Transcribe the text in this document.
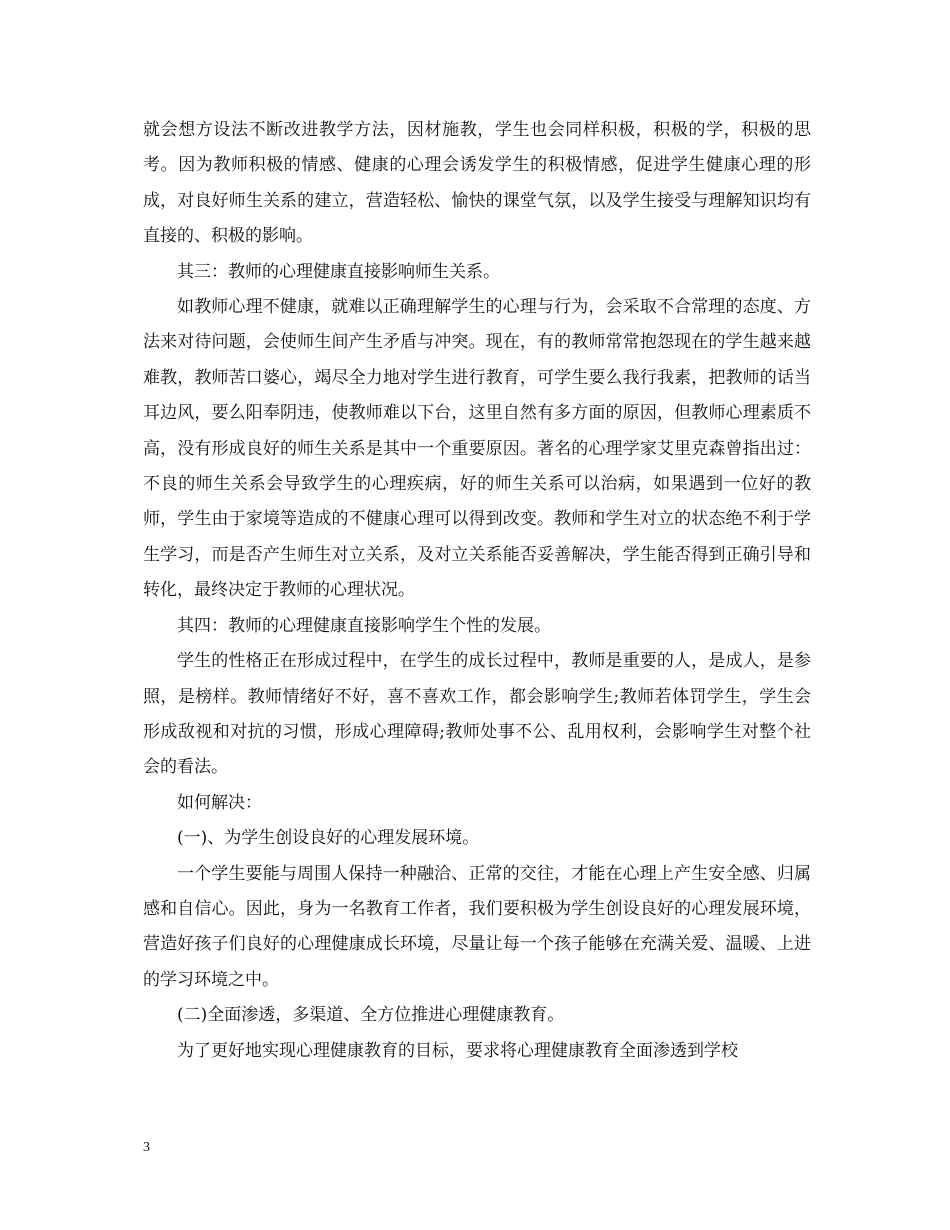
就会想方设法不断改进教学方法，因材施教，学生也会同样积极，积极的学，积极的思考。因为教师积极的情感、健康的心理会诱发学生的积极情感，促进学生健康心理的形成，对良好师生关系的建立，营造轻松、愉快的课堂气氛，以及学生接受与理解知识均有直接的、积极的影响。

其三：教师的心理健康直接影响师生关系。

如教师心理不健康，就难以正确理解学生的心理与行为，会采取不合常理的态度、方法来对待问题，会使师生间产生矛盾与冲突。现在，有的教师常常抱怨现在的学生越来越难教，教师苦口婆心，竭尽全力地对学生进行教育，可学生要么我行我素，把教师的话当耳边风，要么阳奉阴违，使教师难以下台，这里自然有多方面的原因，但教师心理素质不高，没有形成良好的师生关系是其中一个重要原因。著名的心理学家艾里克森曾指出过：不良的师生关系会导致学生的心理疾病，好的师生关系可以治病，如果遇到一位好的教师，学生由于家境等造成的不健康心理可以得到改变。教师和学生对立的状态绝不利于学生学习，而是否产生师生对立关系，及对立关系能否妥善解决，学生能否得到正确引导和转化，最终决定于教师的心理状况。

其四：教师的心理健康直接影响学生个性的发展。

学生的性格正在形成过程中，在学生的成长过程中，教师是重要的人，是成人，是参照，是榜样。教师情绪好不好，喜不喜欢工作，都会影响学生;教师若体罚学生，学生会形成敌视和对抗的习惯，形成心理障碍;教师处事不公、乱用权利，会影响学生对整个社会的看法。

如何解决：

(一)、为学生创设良好的心理发展环境。

一个学生要能与周围人保持一种融洽、正常的交往，才能在心理上产生安全感、归属感和自信心。因此，身为一名教育工作者，我们要积极为学生创设良好的心理发展环境，营造好孩子们良好的心理健康成长环境，尽量让每一个孩子能够在充满关爱、温暖、上进的学习环境之中。

(二)全面渗透，多渠道、全方位推进心理健康教育。

为了更好地实现心理健康教育的目标，要求将心理健康教育全面渗透到学校

3
